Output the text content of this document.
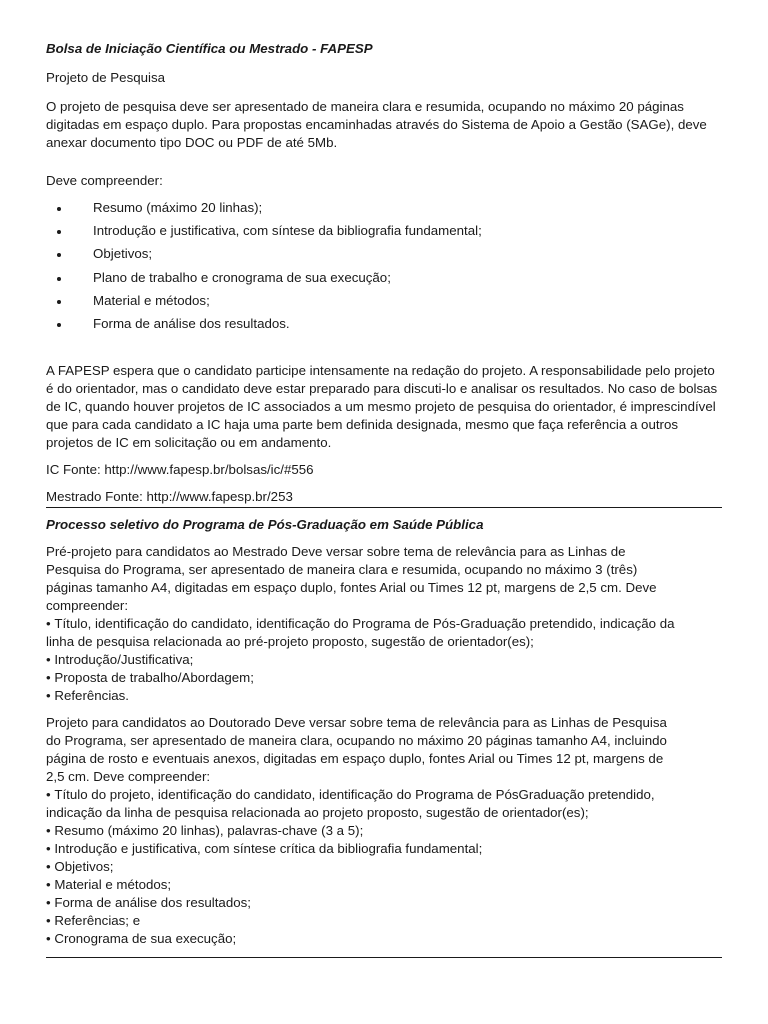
Bolsa de Iniciação Científica ou Mestrado - FAPESP

Projeto de Pesquisa

O projeto de pesquisa deve ser apresentado de maneira clara e resumida, ocupando no máximo 20 páginas digitadas em espaço duplo. Para propostas encaminhadas através do Sistema de Apoio a Gestão (SAGe), deve anexar documento tipo DOC ou PDF de até 5Mb.

Deve compreender:

Resumo (máximo 20 linhas);
Introdução e justificativa, com síntese da bibliografia fundamental;
Objetivos;
Plano de trabalho e cronograma de sua execução;
Material e métodos;
Forma de análise dos resultados.

A FAPESP espera que o candidato participe intensamente na redação do projeto. A responsabilidade pelo projeto é do orientador, mas o candidato deve estar preparado para discuti-lo e analisar os resultados. No caso de bolsas de IC, quando houver projetos de IC associados a um mesmo projeto de pesquisa do orientador, é imprescindível que para cada candidato a IC haja uma parte bem definida designada, mesmo que faça referência a outros projetos de IC em solicitação ou em andamento.

IC Fonte: http://www.fapesp.br/bolsas/ic/#556

Mestrado Fonte: http://www.fapesp.br/253

Processo seletivo do Programa de Pós-Graduação em Saúde Pública

Pré-projeto para candidatos ao Mestrado Deve versar sobre tema de relevância para as Linhas de
Pesquisa do Programa, ser apresentado de maneira clara e resumida, ocupando no máximo 3 (três)
páginas tamanho A4, digitadas em espaço duplo, fontes Arial ou Times 12 pt, margens de 2,5 cm. Deve
compreender:
• Título, identificação do candidato, identificação do Programa de Pós-Graduação pretendido, indicação da
linha de pesquisa relacionada ao pré-projeto proposto, sugestão de orientador(es);
• Introdução/Justificativa;
• Proposta de trabalho/Abordagem;
• Referências.
Projeto para candidatos ao Doutorado Deve versar sobre tema de relevância para as Linhas de Pesquisa
do Programa, ser apresentado de maneira clara, ocupando no máximo 20 páginas tamanho A4, incluindo
página de rosto e eventuais anexos, digitadas em espaço duplo, fontes Arial ou Times 12 pt, margens de
2,5 cm. Deve compreender:
• Título do projeto, identificação do candidato, identificação do Programa de PósGraduação pretendido,
indicação da linha de pesquisa relacionada ao projeto proposto, sugestão de orientador(es);
• Resumo (máximo 20 linhas), palavras-chave (3 a 5);
• Introdução e justificativa, com síntese crítica da bibliografia fundamental;
• Objetivos;
• Material e métodos;
• Forma de análise dos resultados;
• Referências; e
• Cronograma de sua execução;
